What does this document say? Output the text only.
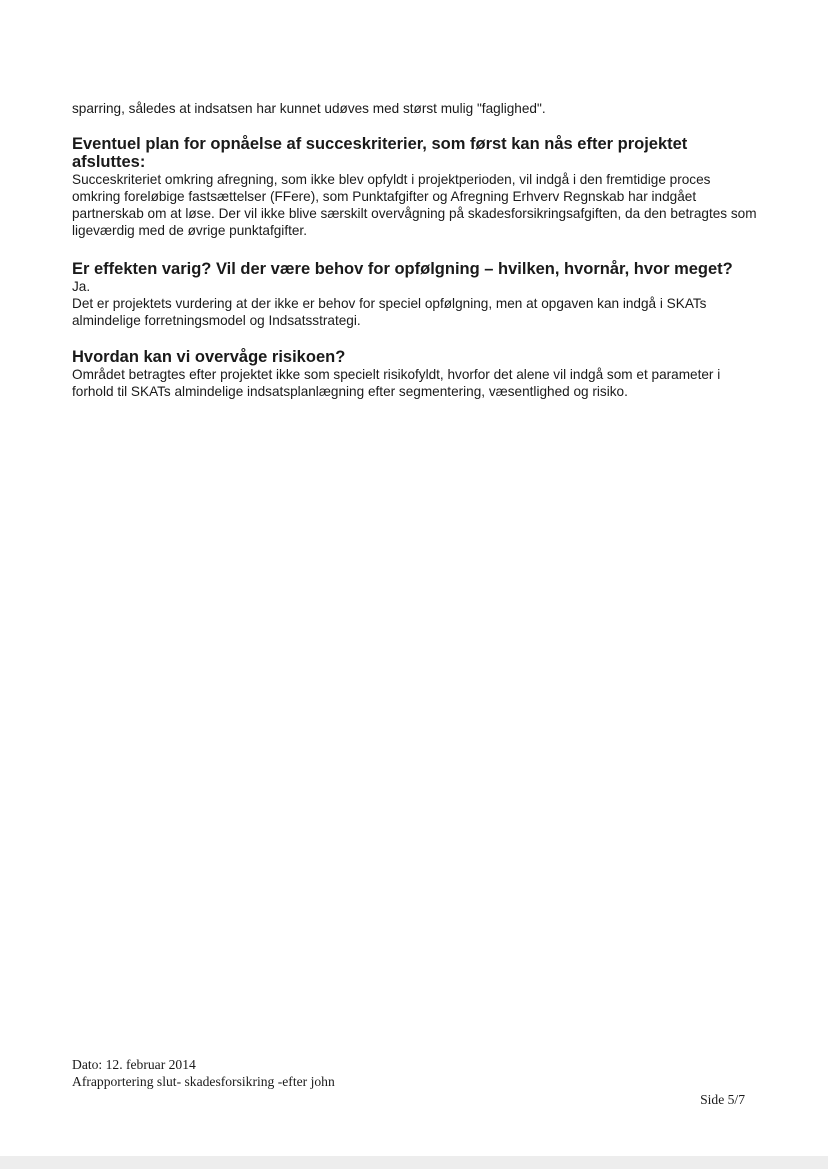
sparring, således at indsatsen har kunnet udøves med størst mulig "faglighed".

Eventuel plan for opnåelse af succeskriterier, som først kan nås efter projektet afsluttes:

Succeskriteriet omkring afregning, som ikke blev opfyldt i projektperioden, vil indgå i den fremtidige proces omkring foreløbige fastsættelser (FFere), som Punktafgifter og Afregning Erhverv Regnskab har indgået partnerskab om at løse. Der vil ikke blive særskilt overvågning på skadesforsikringsafgiften, da den betragtes som ligeværdig med de øvrige punktafgifter.

Er effekten varig? Vil der være behov for opfølgning – hvilken, hvornår, hvor meget?

Ja.

Det er projektets vurdering at der ikke er behov for speciel opfølgning, men at opgaven kan indgå i SKATs almindelige forretningsmodel og Indsatsstrategi.

Hvordan kan vi overvåge risikoen?

Området betragtes efter projektet ikke som specielt risikofyldt, hvorfor det alene vil indgå som et parameter i forhold til SKATs almindelige indsatsplanlægning efter segmentering, væsentlighed og risiko.

Dato: 12. februar 2014
Afrapportering slut- skadesforsikring -efter john
Side 5/7
